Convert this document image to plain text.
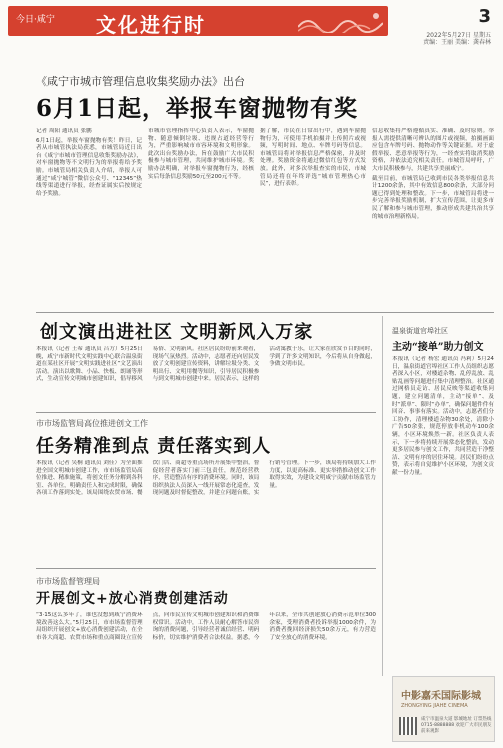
今日·咸宁 文化进行时	3
2022年5月27日 星期五
责编：王丽 美编：龚春林
《咸宁市城市管理信息收集奖励办法》出台
6月1日起，举报车窗抛物有奖

记者 周阳 通讯员 张鹏

6月1日起，举报车窗抛物有奖！昨日，记者从市城管执法局获悉，市城管局近日出台《咸宁市城市管理信息收集奖励办法》，对车窗抛物等不文明行为的举报将给予奖励。市城管局相关负责人介绍，举报人可通过“咸宁城管”微信公众号、“12345”热线等渠道进行举报，经查证属实后按规定给予奖励。

市城市管理指挥中心负责人表示，车窗抛物、随意倾倒垃圾、违规占道经营等行为，严重影响城市市容环境和文明形象。此次出台奖励办法，旨在鼓励广大市民积极参与城市管理，共同维护城市环境。奖励办法明确，对举报车窗抛物行为，经核实后每条信息奖励50元至200元不等。

据了解，市民在日常出行中，遇到车窗抛物行为，可使用手机拍摄并上传照片或视频，写明时间、地点、车牌号码等信息。市城管局将对举报信息严格保密，并及时处理。奖励资金将通过微信红包等方式发放。此外，对多次举报查实的市民，市城管局还将在年终评选“城市管理热心市民”，进行表彰。

信息收集将严格遵循真实、准确、及时原则。举报人需提供清晰可辨认的图片或视频，拍摄画面应包含车牌号码、抛物动作等关键证据。对于虚假举报、恶意举报等行为，一经查实将取消奖励资格，并依法追究相关责任。市城管局呼吁，广大市民积极参与，共建共享美丽咸宁。

截至目前，市城管局已收到市民各类举报信息共计1200余条，其中有效信息800余条，大部分问题已得到处理和整改。下一步，市城管局将进一步完善举报奖励机制，扩大宣传范围，让更多市民了解和参与城市管理，推动形成共建共治共享的城市治理新格局。

创文演出进社区 文明新风入万家
本报讯（记者 王希 通讯员 吕方）5月25日晚，咸宁市新时代文明实践中心联合温泉街道在某社区开展“文明实践进社区”文艺演出活动。演出以歌舞、小品、快板、朗诵等形式，生动宣传文明城市创建知识，倡导移风易俗、文明新风。社区居民纷纷前来观看，现场气氛热烈。活动中，志愿者还向居民发放了文明创建宣传资料，讲解垃圾分类、文明出行、文明用餐等知识，引导居民积极参与到文明城市创建中来。居民表示，这样的活动寓教于乐，让大家在欣赏节目的同时，学到了许多文明知识，今后将从自身做起，争做文明市民。
市市场监管局高位推进创文工作
任务精准到点 责任落实到人
本报讯（记者 吴桐 通讯员 刘佳）为全面推进全国文明城市创建工作，市市场监管局高位推进、精准施策，将创文任务分解到各科室、各单位，明确责任人和完成时限，确保各项工作落到实处。该局围绕农贸市场、餐饮门店、商超等重点场所开展集中整治，督促经营者落实门前三包责任，规范经营秩序，营造整洁有序的消费环境。同时，该局组织执法人员深入一线开展常态化巡查，发现问题及时督促整改，并建立问题台账，实行销号管理。下一步，该局将持续加大工作力度，以更高标准、更实举措推动创文工作取得实效，为建设文明咸宁贡献市场监管力量。
市市场监督管理局
开展创文+放心消费创建活动
“3·15这么多年了，谁也没想到咸宁消费环境改善这么大。”5月25日，市市场监督管理局组织开展创文+放心消费创建活动，在全市各大商超、农贸市场和重点商圈设立宣传点，向市民宣传文明城市创建知识和消费维权常识。活动中，工作人员耐心解答市民咨询的消费问题，引导经营者诚信经营、明码标价，切实维护消费者合法权益。据悉，今年以来，全市共创建放心消费示范单位300余家，受理消费者投诉举报1000余件，为消费者挽回经济损失50余万元，有力营造了安全放心的消费环境。
温泉街道官埠社区
主动“接单”助力创文
本报讯（记者 杨宏 通讯员 冯莉）5月24日，温泉街道官埠社区工作人员组织志愿者深入小区，对楼道杂物、乱停乱放、乱贴乱画等问题进行集中清理整治。社区通过网格员走访、居民反映等渠道收集问题，建立问题清单，主动“接单”、及时“派单”、限时“办单”，确保问题件件有回音、事事有落实。活动中，志愿者们分工协作，清理楼道杂物30余处，清除小广告50余张，规范停放非机动车100余辆，小区环境焕然一新。社区负责人表示，下一步将持续开展常态化整治，发动更多居民参与创文工作，共同营造干净整洁、文明有序的居住环境。居民们纷纷点赞，表示将自觉维护小区环境，为创文贡献一份力量。
中影嘉禾国际影城
ZHONGYING JIAHE CINEMA
咸宁市温泉大道 影城地址 订票热线 0715-8888888 欢迎广大市民朋友前来观影
